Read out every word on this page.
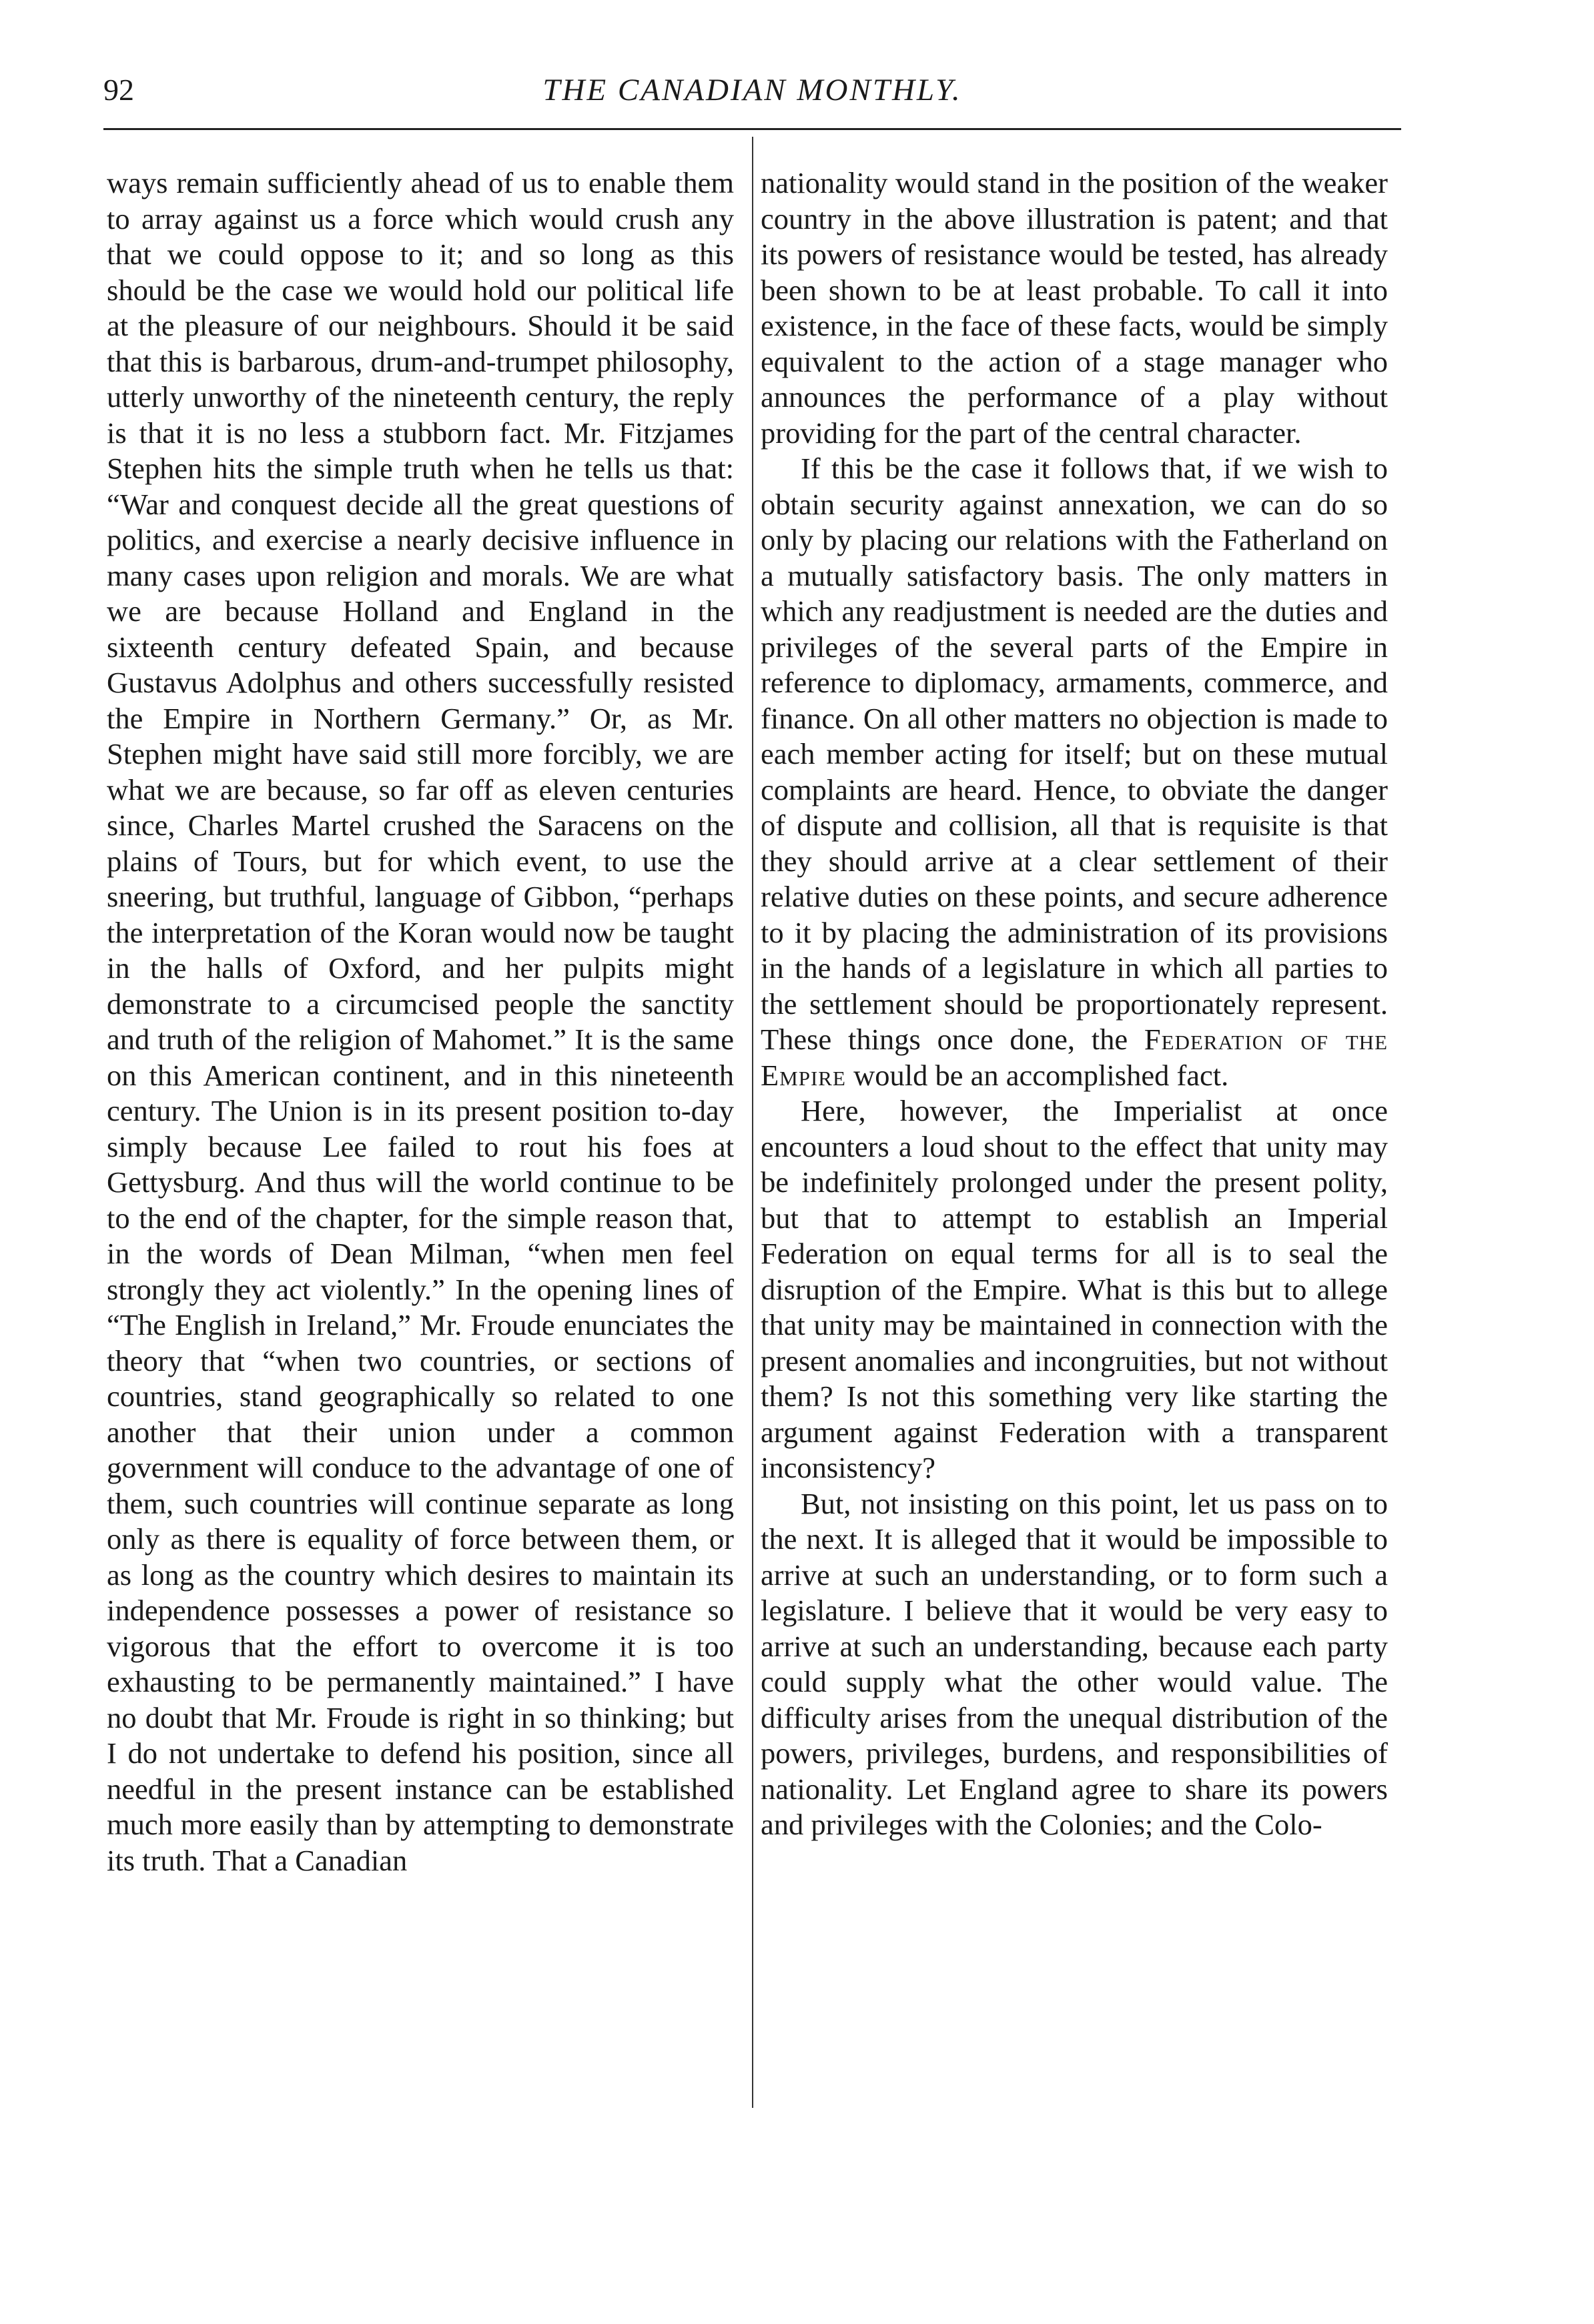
92	THE CANADIAN MONTHLY.

ways remain sufficiently ahead of us to enable them to array against us a force which would crush any that we could oppose to it; and so long as this should be the case we would hold our political life at the pleasure of our neighbours. Should it be said that this is barbarous, drum-and-trumpet philosophy, utterly unworthy of the nineteenth century, the reply is that it is no less a stubborn fact. Mr. Fitzjames Stephen hits the simple truth when he tells us that: “War and conquest decide all the great questions of politics, and exercise a nearly decisive influence in many cases upon religion and morals. We are what we are because Holland and England in the sixteenth century defeated Spain, and because Gustavus Adolphus and others successfully resisted the Empire in Northern Germany.” Or, as Mr. Stephen might have said still more forcibly, we are what we are because, so far off as eleven centuries since, Charles Martel crushed the Saracens on the plains of Tours, but for which event, to use the sneering, but truthful, language of Gibbon, “perhaps the interpretation of the Koran would now be taught in the halls of Oxford, and her pulpits might demonstrate to a circumcised people the sanctity and truth of the religion of Mahomet.” It is the same on this American continent, and in this nineteenth century. The Union is in its present position to-day simply because Lee failed to rout his foes at Gettysburg. And thus will the world continue to be to the end of the chapter, for the simple reason that, in the words of Dean Milman, “when men feel strongly they act violently.” In the opening lines of “The English in Ireland,” Mr. Froude enunciates the theory that “when two countries, or sections of countries, stand geographically so related to one another that their union under a common government will conduce to the advantage of one of them, such countries will continue separate as long only as there is equality of force between them, or as long as the country which desires to maintain its independence possesses a power of resistance so vigorous that the effort to overcome it is too exhausting to be permanently maintained.” I have no doubt that Mr. Froude is right in so thinking; but I do not undertake to defend his position, since all needful in the present instance can be established much more easily than by attempting to demonstrate its truth. That a Canadian

nationality would stand in the position of the weaker country in the above illustration is patent; and that its powers of resistance would be tested, has already been shown to be at least probable. To call it into existence, in the face of these facts, would be simply equivalent to the action of a stage manager who announces the performance of a play without providing for the part of the central character.

If this be the case it follows that, if we wish to obtain security against annexation, we can do so only by placing our relations with the Fatherland on a mutually satisfactory basis. The only matters in which any readjustment is needed are the duties and privileges of the several parts of the Empire in reference to diplomacy, armaments, commerce, and finance. On all other matters no objection is made to each member acting for itself; but on these mutual complaints are heard. Hence, to obviate the danger of dispute and collision, all that is requisite is that they should arrive at a clear settlement of their relative duties on these points, and secure adherence to it by placing the administration of its provisions in the hands of a legislature in which all parties to the settlement should be proportionately represent. These things once done, the Federation of the Empire would be an accomplished fact.

Here, however, the Imperialist at once encounters a loud shout to the effect that unity may be indefinitely prolonged under the present polity, but that to attempt to establish an Imperial Federation on equal terms for all is to seal the disruption of the Empire. What is this but to allege that unity may be maintained in connection with the present anomalies and incongruities, but not without them? Is not this something very like starting the argument against Federation with a transparent inconsistency?

But, not insisting on this point, let us pass on to the next. It is alleged that it would be impossible to arrive at such an understanding, or to form such a legislature. I believe that it would be very easy to arrive at such an understanding, because each party could supply what the other would value. The difficulty arises from the unequal distribution of the powers, privileges, burdens, and responsibilities of nationality. Let England agree to share its powers and privileges with the Colonies; and the Colo-
